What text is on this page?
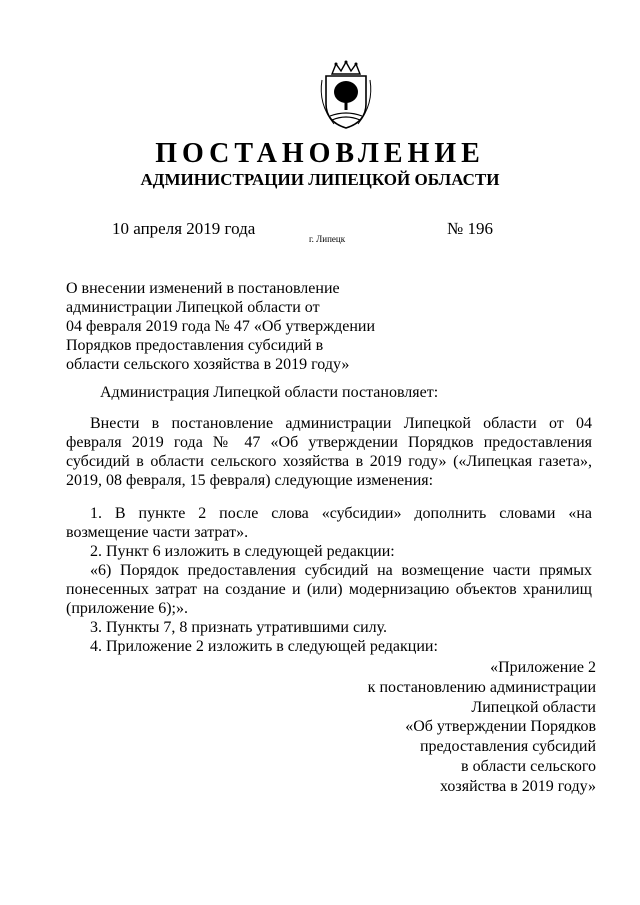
ПОСТАНОВЛЕНИЕ
АДМИНИСТРАЦИИ ЛИПЕЦКОЙ ОБЛАСТИ
10 апреля 2019 года
г. Липецк
№ 196
О внесении изменений в постановление
администрации Липецкой области от
04 февраля 2019 года № 47 «Об утверждении
Порядков предоставления субсидий в
области сельского хозяйства в 2019 году»
Администрация Липецкой области постановляет:

Внести в постановление администрации Липецкой области от 04 февраля 2019 года № 47 «Об утверждении Порядков предоставления субсидий в области сельского хозяйства в 2019 году» («Липецкая газета», 2019, 08 февраля, 15 февраля) следующие изменения:

1. В пункте 2 после слова «субсидии» дополнить словами «на возмещение части затрат».

2. Пункт 6 изложить в следующей редакции:

«6) Порядок предоставления субсидий на возмещение части прямых понесенных затрат на создание и (или) модернизацию объектов хранилищ (приложение 6);».

3. Пункты 7, 8 признать утратившими силу.

4. Приложение 2 изложить в следующей редакции:

«Приложение 2
к постановлению администрации
Липецкой области
«Об утверждении Порядков
предоставления субсидий
в области сельского
хозяйства в 2019 году»
